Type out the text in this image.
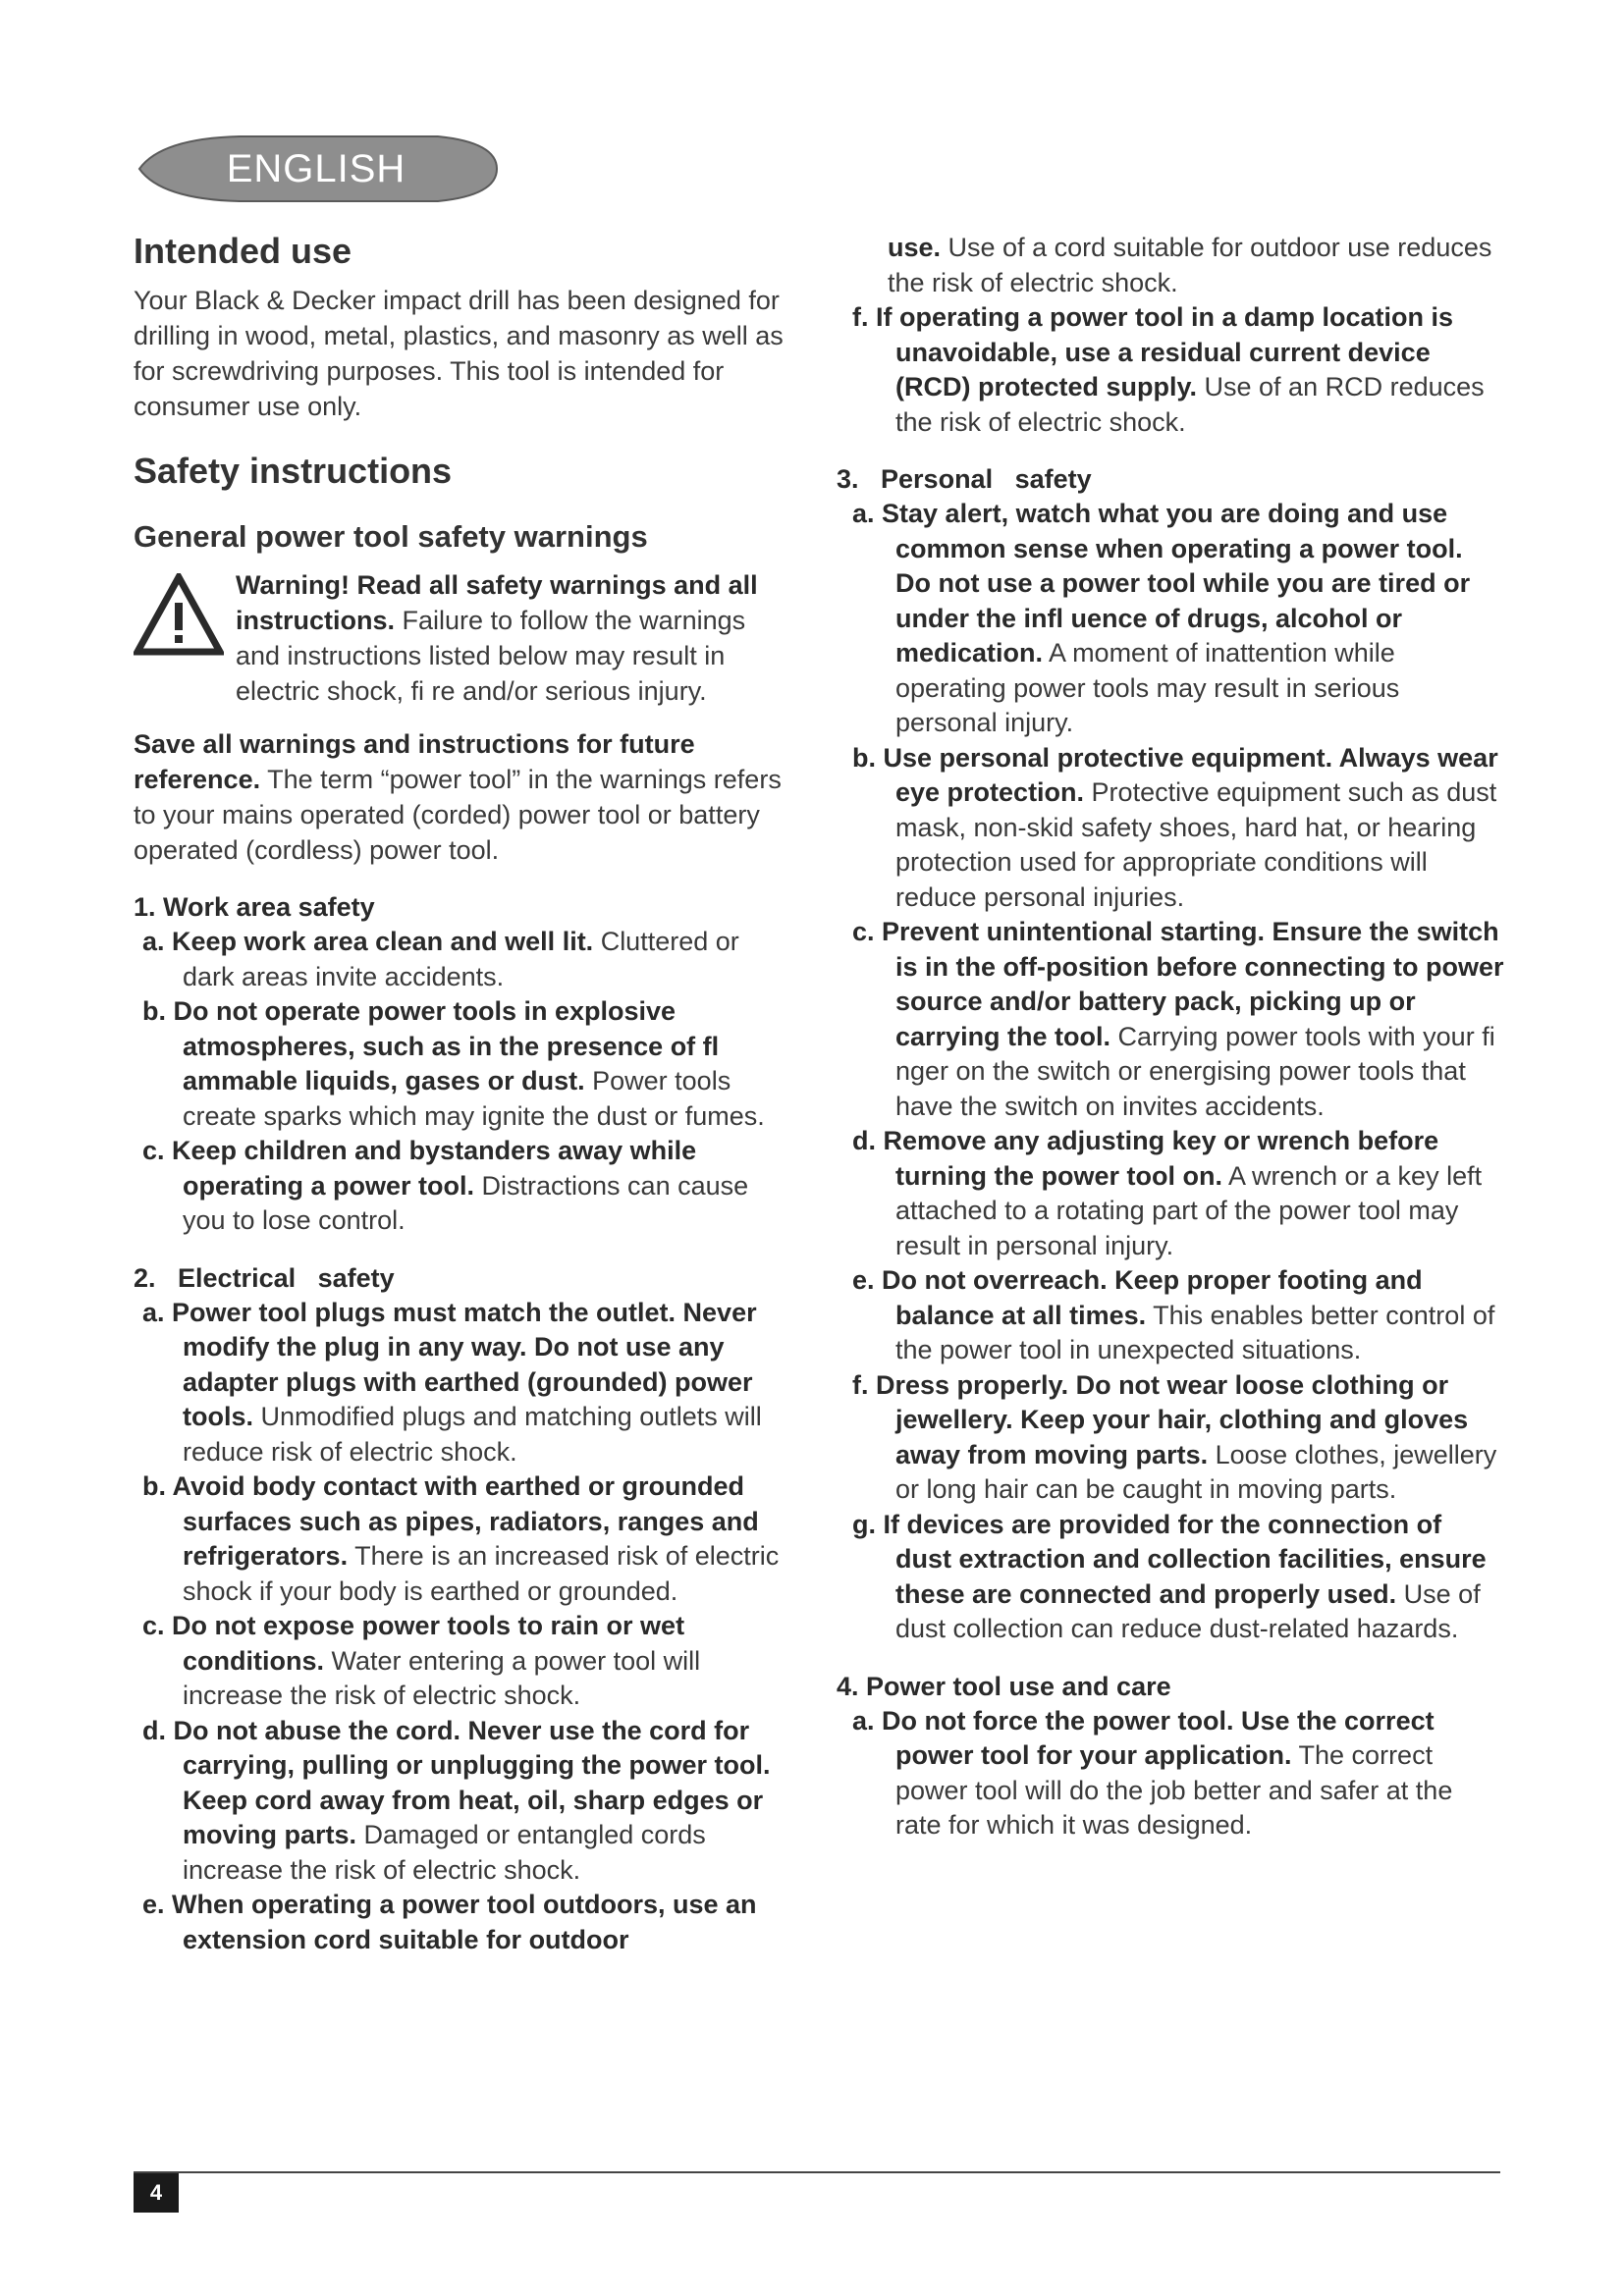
ENGLISH

Intended use

Your Black & Decker impact drill has been designed for drilling in wood, metal, plastics, and masonry as well as for screwdriving purposes. This tool is intended for consumer use only.

Safety instructions

General power tool safety warnings

Warning! Read all safety warnings and all instructions. Failure to follow the warnings and instructions listed below may result in electric shock, fi re and/or serious injury.

Save all warnings and instructions for future reference. The term “power tool” in the warnings refers to your mains operated (corded) power tool or battery operated (cordless) power tool.

1. Work area safety

a. Keep work area clean and well lit. Cluttered or dark areas invite accidents.

b. Do not operate power tools in explosive atmospheres, such as in the presence of fl ammable liquids, gases or dust. Power tools create sparks which may ignite the dust or fumes.

c. Keep children and bystanders away while operating a power tool. Distractions can cause you to lose control.

2.   Electrical   safety

a. Power tool plugs must match the outlet. Never modify the plug in any way. Do not use any adapter plugs with earthed (grounded) power tools. Unmodified plugs and matching outlets will reduce risk of electric shock.

b. Avoid body contact with earthed or grounded surfaces such as pipes, radiators, ranges and refrigerators. There is an increased risk of electric shock if your body is earthed or grounded.

c. Do not expose power tools to rain or wet conditions. Water entering a power tool will increase the risk of electric shock.

d. Do not abuse the cord. Never use the cord for carrying, pulling or unplugging the power tool. Keep cord away from heat, oil, sharp edges or moving parts. Damaged or entangled cords increase the risk of electric shock.

e. When operating a power tool outdoors, use an extension cord suitable for outdoor

use. Use of a cord suitable for outdoor use reduces the risk of electric shock.

f. If operating a power tool in a damp location is unavoidable, use a residual current device (RCD) protected supply. Use of an RCD reduces the risk of electric shock.

3.   Personal   safety

a. Stay alert, watch what you are doing and use common sense when operating a power tool. Do not use a power tool while you are tired or under the infl uence of drugs, alcohol or medication. A moment of inattention while operating power tools may result in serious personal injury.

b. Use personal protective equipment. Always wear eye protection. Protective equipment such as dust mask, non-skid safety shoes, hard hat, or hearing protection used for appropriate conditions will reduce personal injuries.

c. Prevent unintentional starting. Ensure the switch is in the off-position before connecting to power source and/or battery pack, picking up or carrying the tool. Carrying power tools with your fi nger on the switch or energising power tools that have the switch on invites accidents.

d. Remove any adjusting key or wrench before turning the power tool on. A wrench or a key left attached to a rotating part of the power tool may result in personal injury.

e. Do not overreach. Keep proper footing and balance at all times. This enables better control of the power tool in unexpected situations.

f. Dress properly. Do not wear loose clothing or jewellery. Keep your hair, clothing and gloves away from moving parts. Loose clothes, jewellery or long hair can be caught in moving parts.

g. If devices are provided for the connection of dust extraction and collection facilities, ensure these are connected and properly used. Use of dust collection can reduce dust-related hazards.

4. Power tool use and care

a. Do not force the power tool. Use the correct power tool for your application. The correct power tool will do the job better and safer at the rate for which it was designed.

4
